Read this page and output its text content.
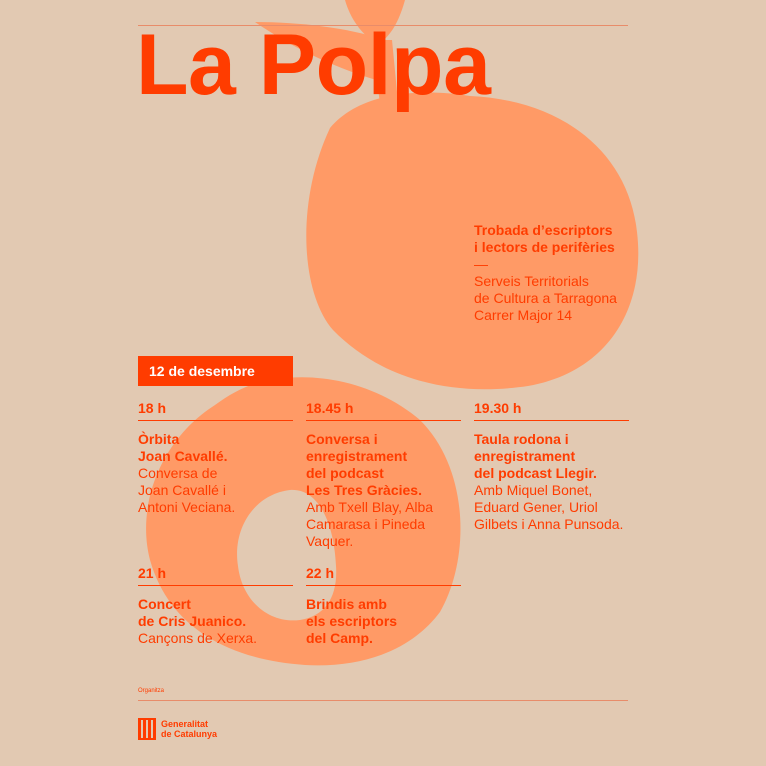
La Polpa
Trobada d’escriptors
i lectors de perifèries
—
Serveis Territorials
de Cultura a Tarragona
Carrer Major 14
12 de desembre
18 h
Òrbita
Joan Cavallé.
Conversa de
Joan Cavallé i
Antoni Veciana.
18.45 h
Conversa i
enregistrament
del podcast
Les Tres Gràcies.
Amb Txell Blay, Alba
Camarasa i Pineda
Vaquer.
19.30 h
Taula rodona i
enregistrament
del podcast Llegir.
Amb Miquel Bonet,
Eduard Gener, Uriol
Gilbets i Anna Punsoda.
21 h
Concert
de Cris Juanico.
Cançons de Xerxa.
22 h
Brindis amb
els escriptors
del Camp.
Organitza
Generalitat
de Catalunya
